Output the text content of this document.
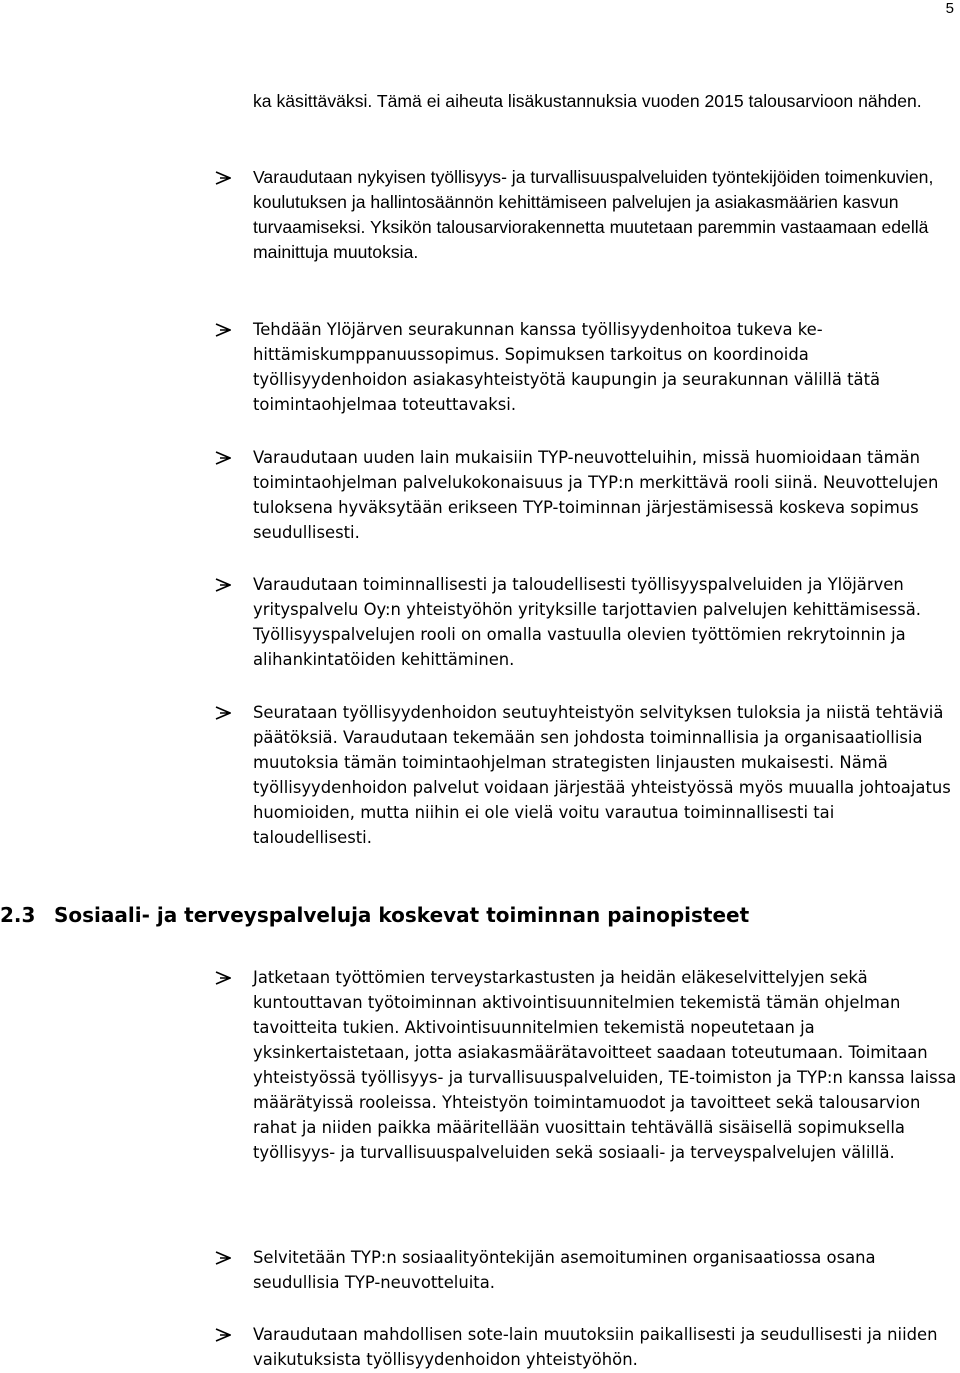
5

ka käsittäväksi. Tämä ei aiheuta lisäkustannuksia vuoden 2015 talousarvioon nähden.

Varaudutaan nykyisen työllisyys- ja turvallisuuspalveluiden työntekijöiden toimenkuvien, koulutuksen ja hallintosäännön kehittämiseen palvelujen ja asiakasmäärien kasvun turvaamiseksi. Yksikön talousarviorakennetta muutetaan paremmin vastaamaan edellä mainittuja muutoksia.

Tehdään Ylöjärven seurakunnan kanssa työllisyydenhoitoa tukeva kehittämiskumppanuussopimus. Sopimuksen tarkoitus on koordinoida työllisyydenhoidon asiakasyhteistyötä kaupungin ja seurakunnan välillä tätä toimintaohjelmaa toteuttavaksi.

Varaudutaan uuden lain mukaisiin TYP-neuvotteluihin, missä huomioidaan tämän toimintaohjelman palvelukokonaisuus ja TYP:n merkittävä rooli siinä. Neuvottelujen tuloksena hyväksytään erikseen TYP-toiminnan järjestämisessä koskeva sopimus seudullisesti.

Varaudutaan toiminnallisesti ja taloudellisesti työllisyyspalveluiden ja Ylöjärven yrityspalvelu Oy:n yhteistyöhön yrityksille tarjottavien palvelujen kehittämisessä. Työllisyyspalvelujen rooli on omalla vastuulla olevien työttömien rekrytoinnin ja alihankintatöiden kehittäminen.

Seurataan työllisyydenhoidon seutuyhteistyön selvityksen tuloksia ja niistä tehtäviä päätöksiä. Varaudutaan tekemään sen johdosta toiminnallisia ja organisaatiollisia muutoksia tämän toimintaohjelman strategisten linjausten mukaisesti. Nämä työllisyydenhoidon palvelut voidaan järjestää yhteistyössä myös muualla johtoajatus huomioiden, mutta niihin ei ole vielä voitu varautua toiminnallisesti tai taloudellisesti.

2.3 Sosiaali- ja terveyspalveluja koskevat toiminnan painopisteet

Jatketaan työttömien terveystarkastusten ja heidän eläkeselvittelyjen sekä kuntouttavan työtoiminnan aktivointisuunnitelmien tekemistä tämän ohjelman tavoitteita tukien. Aktivointisuunnitelmien tekemistä nopeutetaan ja yksinkertaistetaan, jotta asiakasmäärätavoitteet saadaan toteutumaan. Toimitaan yhteistyössä työllisyys- ja turvallisuuspalveluiden, TE-toimiston ja TYP:n kanssa laissa määrätyissä rooleissa. Yhteistyön toimintamuodot ja tavoitteet sekä talousarvion rahat ja niiden paikka määritellään vuosittain tehtävällä sisäisellä sopimuksella työllisyys- ja turvallisuuspalveluiden sekä sosiaali- ja terveyspalvelujen välillä.

Selvitetään TYP:n sosiaalityöntekijän asemoituminen organisaatiossa osana seudullisia TYP-neuvotteluita.

Varaudutaan mahdollisen sote-lain muutoksiin paikallisesti ja seudullisesti ja niiden vaikutuksista työllisyydenhoidon yhteistyöhön.
